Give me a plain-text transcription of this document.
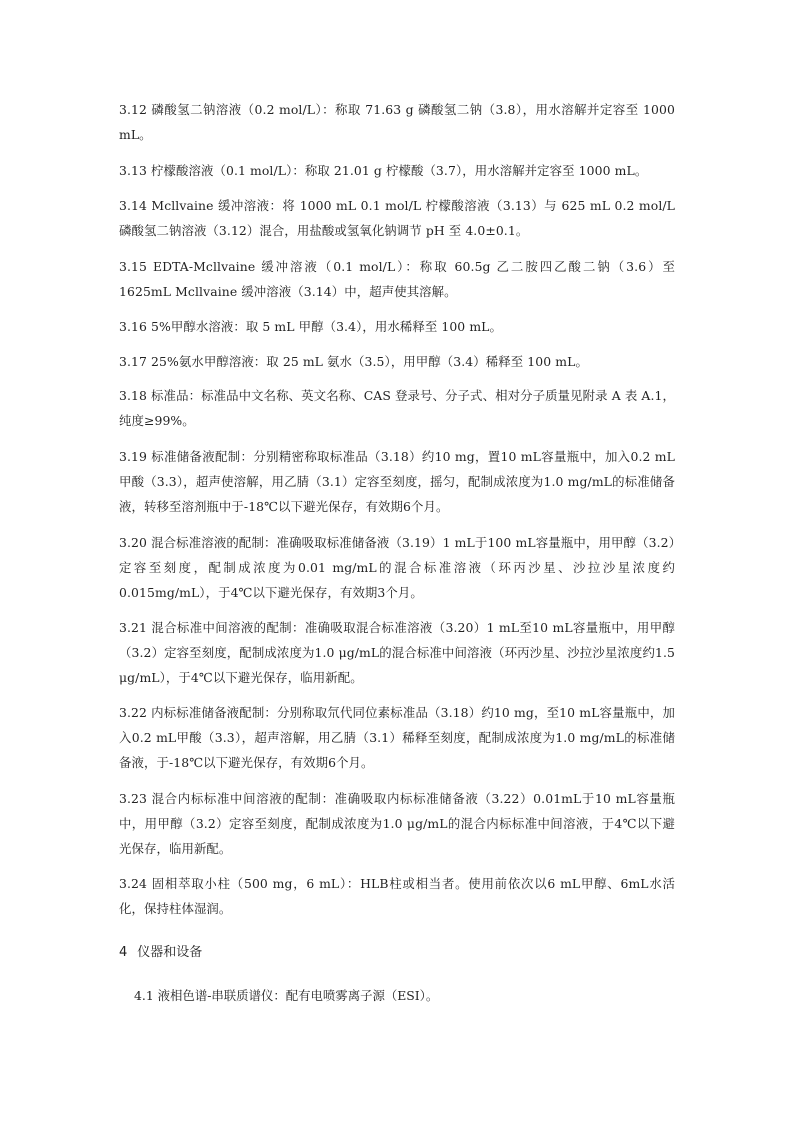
3.12 磷酸氢二钠溶液（0.2 mol/L）：称取 71.63 g 磷酸氢二钠（3.8），用水溶解并定容至 1000 mL。

3.13 柠檬酸溶液（0.1 mol/L）：称取 21.01 g 柠檬酸（3.7），用水溶解并定容至 1000 mL。

3.14 Mcllvaine 缓冲溶液：将 1000 mL 0.1 mol/L 柠檬酸溶液（3.13）与 625 mL 0.2 mol/L 磷酸氢二钠溶液（3.12）混合，用盐酸或氢氧化钠调节 pH 至 4.0±0.1。

3.15 EDTA-Mcllvaine 缓冲溶液（0.1 mol/L）：称取 60.5g 乙二胺四乙酸二钠（3.6）至 1625mL Mcllvaine 缓冲溶液（3.14）中，超声使其溶解。

3.16 5%甲醇水溶液：取 5 mL 甲醇（3.4），用水稀释至 100 mL。

3.17 25%氨水甲醇溶液：取 25 mL 氨水（3.5），用甲醇（3.4）稀释至 100 mL。

3.18 标准品：标准品中文名称、英文名称、CAS 登录号、分子式、相对分子质量见附录 A 表 A.1，纯度≥99%。

3.19 标准储备液配制：分别精密称取标准品（3.18）约10 mg，置10 mL容量瓶中，加入0.2 mL甲酸（3.3），超声使溶解，用乙腈（3.1）定容至刻度，摇匀，配制成浓度为1.0 mg/mL的标准储备液，转移至溶剂瓶中于-18℃以下避光保存，有效期6个月。

3.20 混合标准溶液的配制：准确吸取标准储备液（3.19）1 mL于100 mL容量瓶中，用甲醇（3.2）定容至刻度，配制成浓度为0.01 mg/mL的混合标准溶液（环丙沙星、沙拉沙星浓度约0.015mg/mL），于4℃以下避光保存，有效期3个月。

3.21 混合标准中间溶液的配制：准确吸取混合标准溶液（3.20）1 mL至10 mL容量瓶中，用甲醇（3.2）定容至刻度，配制成浓度为1.0 μg/mL的混合标准中间溶液（环丙沙星、沙拉沙星浓度约1.5 μg/mL），于4℃以下避光保存，临用新配。

3.22 内标标准储备液配制：分别称取氘代同位素标准品（3.18）约10 mg，至10 mL容量瓶中，加入0.2 mL甲酸（3.3），超声溶解，用乙腈（3.1）稀释至刻度，配制成浓度为1.0 mg/mL的标准储备液，于-18℃以下避光保存，有效期6个月。

3.23 混合内标标准中间溶液的配制：准确吸取内标标准储备液（3.22）0.01mL于10 mL容量瓶中，用甲醇（3.2）定容至刻度，配制成浓度为1.0 μg/mL的混合内标标准中间溶液，于4℃以下避光保存，临用新配。

3.24 固相萃取小柱（500 mg，6 mL）：HLB柱或相当者。使用前依次以6 mL甲醇、6mL水活化，保持柱体湿润。

4 仪器和设备

4.1 液相色谱-串联质谱仪：配有电喷雾离子源（ESI）。
